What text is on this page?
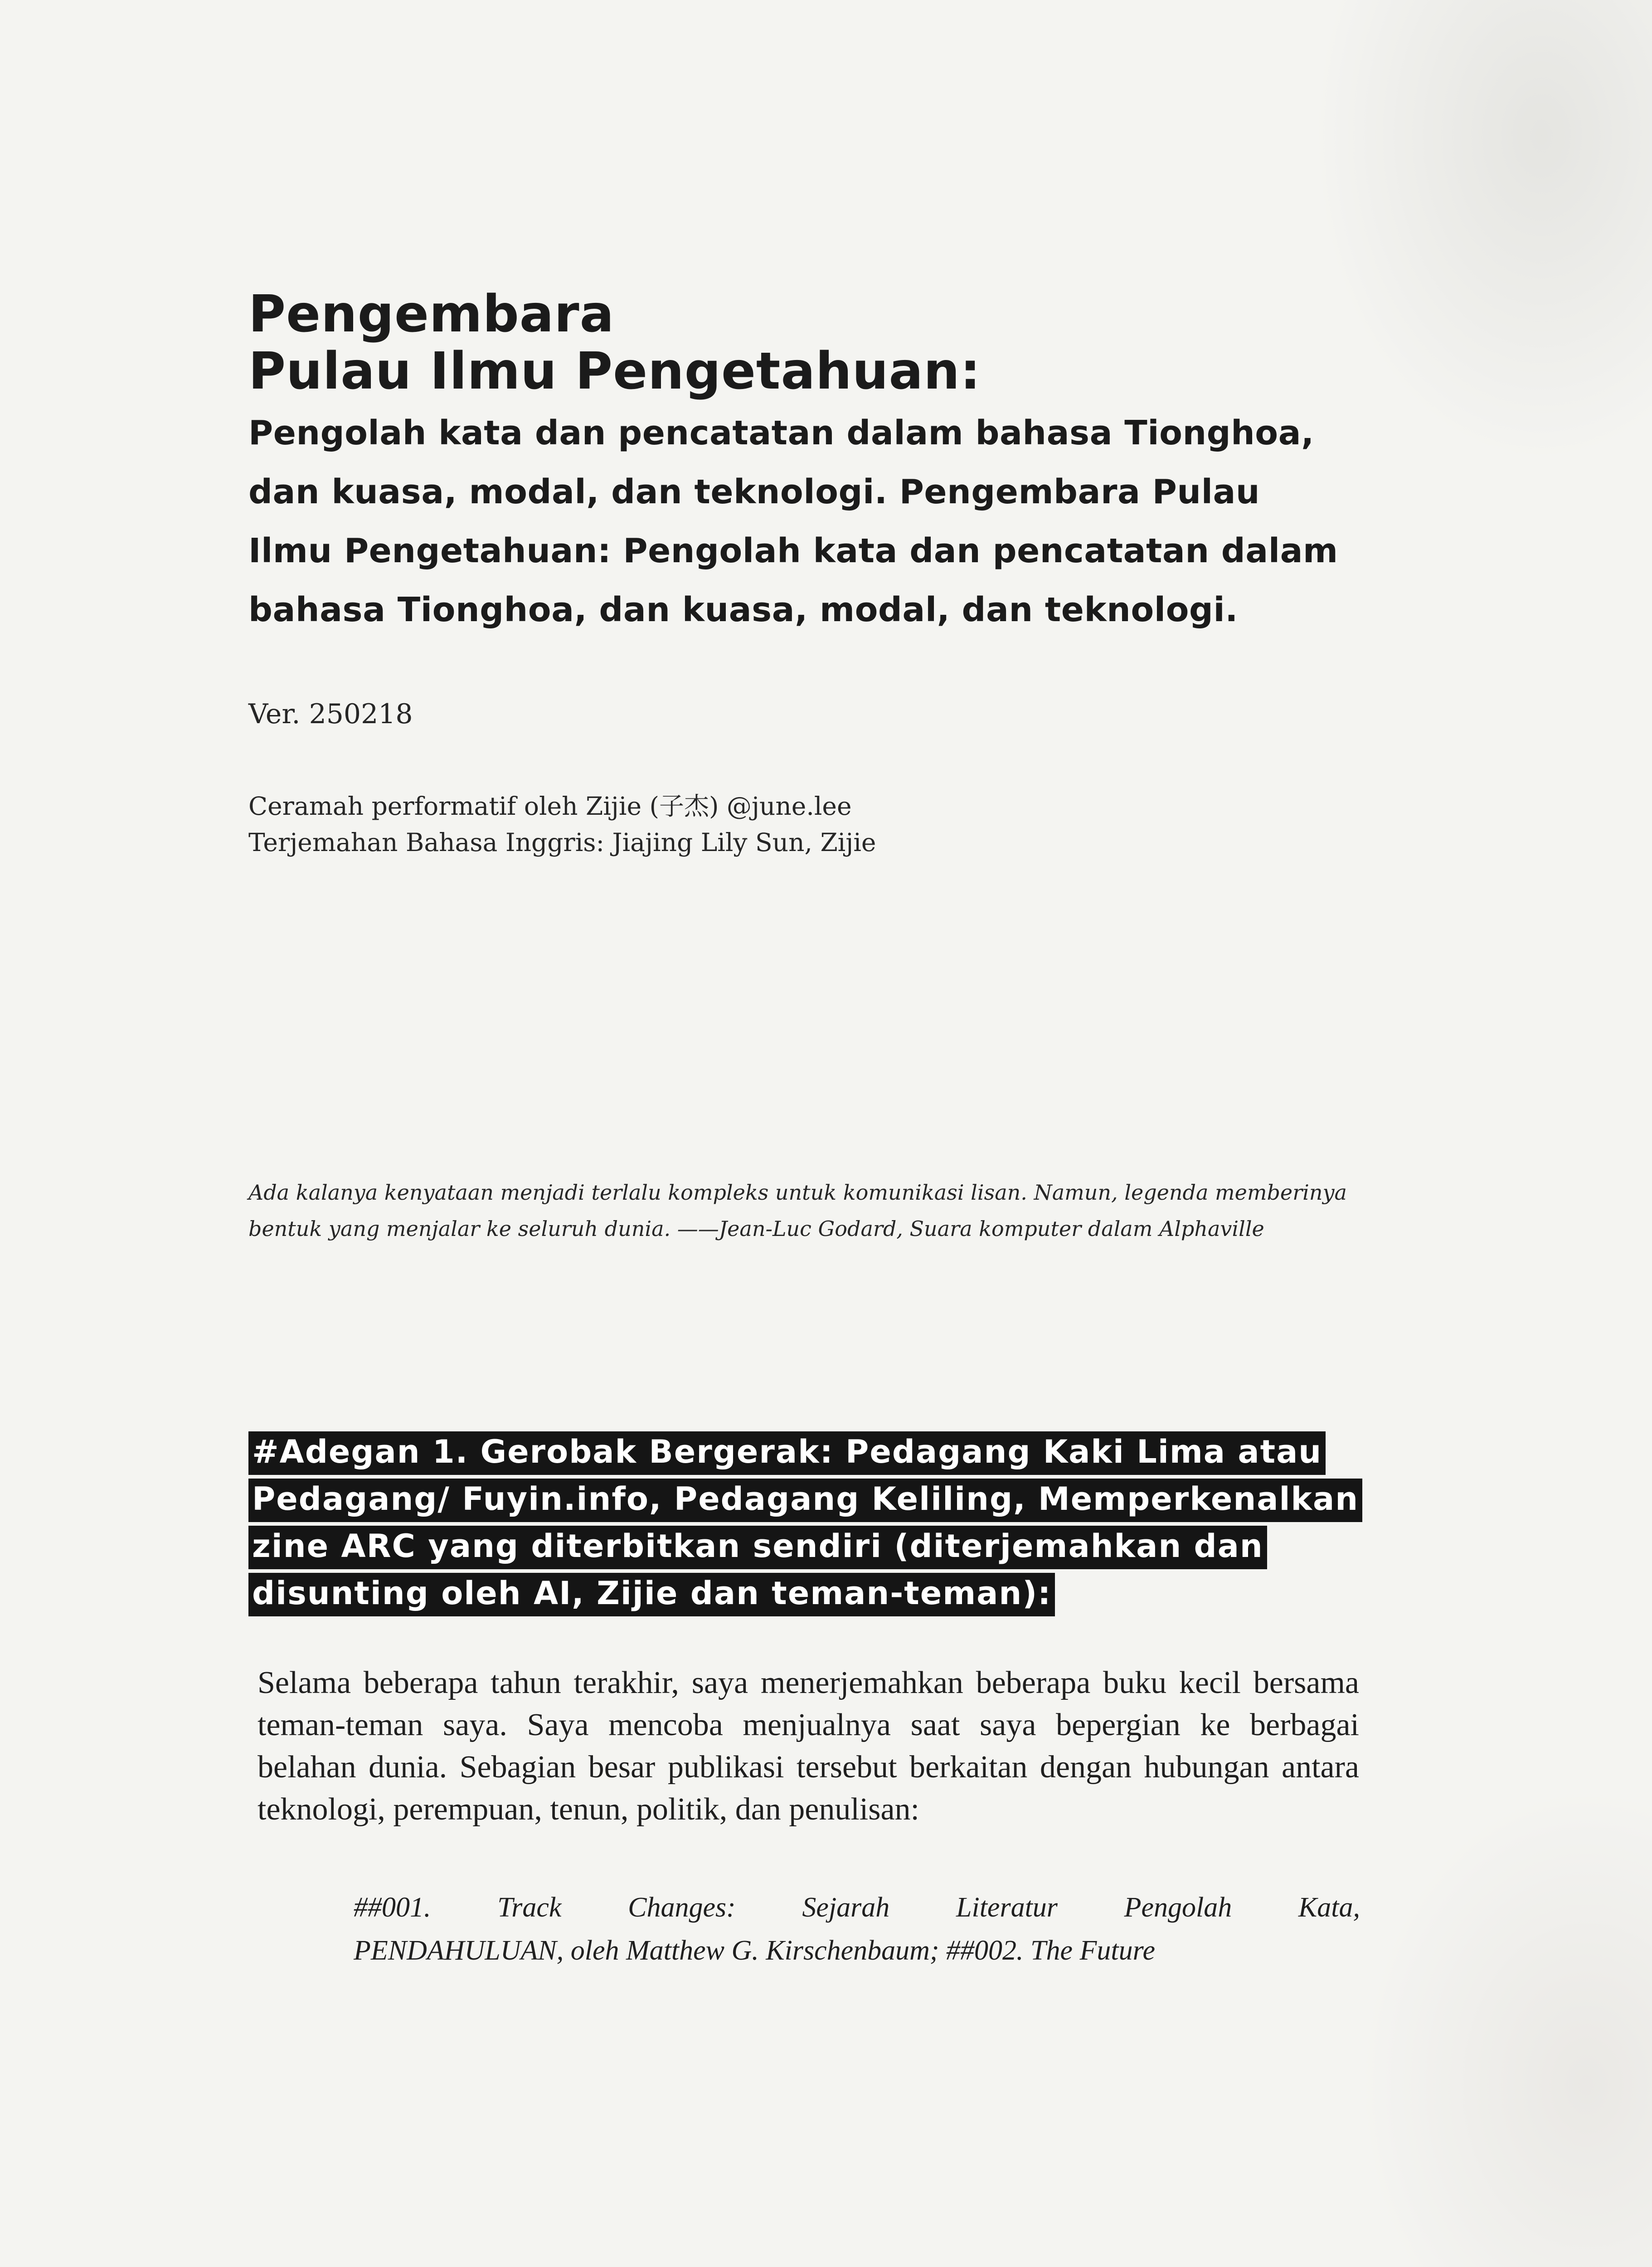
Pengembara
Pulau Ilmu Pengetahuan:
Pengolah kata dan pencatatan dalam bahasa Tionghoa, dan kuasa, modal, dan teknologi. Pengembara Pulau Ilmu Pengetahuan: Pengolah kata dan pencatatan dalam bahasa Tionghoa, dan kuasa, modal, dan teknologi.
Ver. 250218
Ceramah performatif oleh Zijie (子杰) @june.lee
Terjemahan Bahasa Inggris: Jiajing Lily Sun, Zijie
Ada kalanya kenyataan menjadi terlalu kompleks untuk komunikasi lisan. Namun, legenda memberinya bentuk yang menjalar ke seluruh dunia. ——Jean-Luc Godard, Suara komputer dalam Alphaville
#Adegan 1. Gerobak Bergerak: Pedagang Kaki Lima atau Pedagang/ Fuyin.info, Pedagang Keliling, Memperkenalkan zine ARC yang diterbitkan sendiri (diterjemahkan dan disunting oleh AI, Zijie dan teman-teman):
Selama beberapa tahun terakhir, saya menerjemahkan beberapa buku kecil bersama teman-teman saya. Saya mencoba menjualnya saat saya bepergian ke berbagai belahan dunia. Sebagian besar publikasi tersebut berkaitan dengan hubungan antara teknologi, perempuan, tenun, politik, dan penulisan:
##001. Track Changes: Sejarah Literatur Pengolah Kata,
PENDAHULUAN, oleh Matthew G. Kirschenbaum; ##002. The Future
